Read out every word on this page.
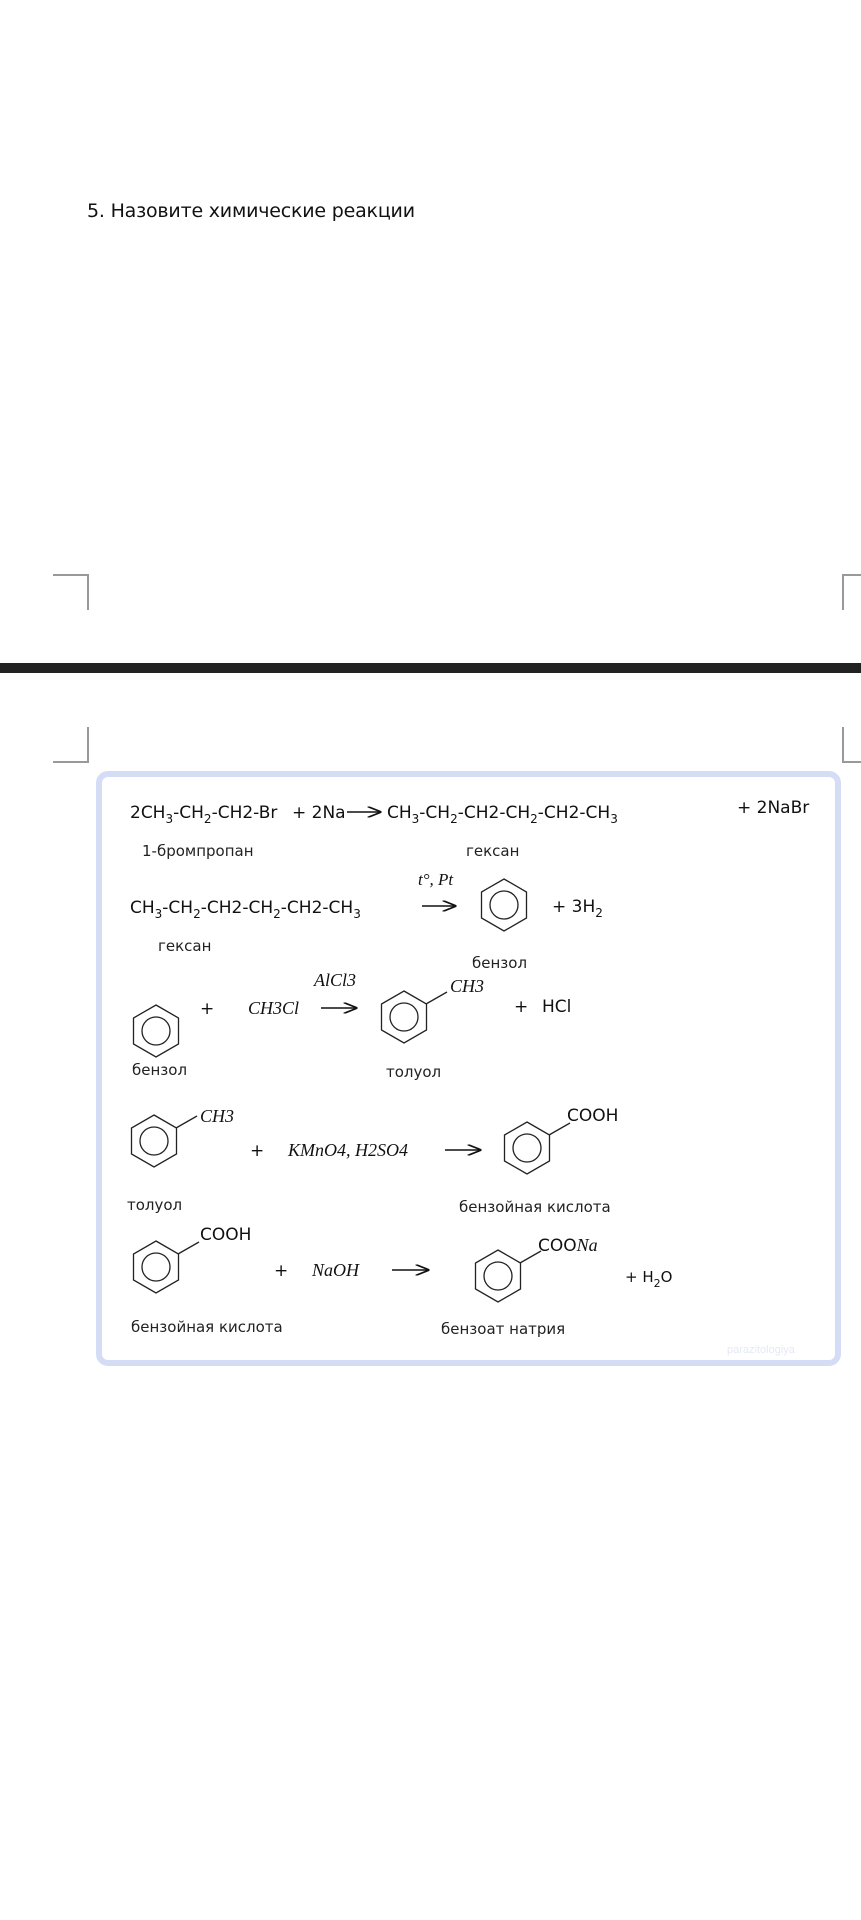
5. Назовите химические реакции
$2CH_3-CH_2-CH2-Br + 2Na$ $CH_3-CH_2-CH2-CH_2-CH2-CH_3$
+ 2NaBr
1-бромпропан	гексан
$CH_3-CH_2-CH2-CH_2-CH2-CH_3$
t°, Pt
+ $3H_2$
гексан
бензол
+ CH3Cl
AlCl3	CH3
+ HCl
бензол	толуол
CH3
+ KMnO4, H2SO4
COOH
толуол	бензойная кислота
COOH
+ NaOH
COONa
+ $H_2O$
бензойная кислота	бензоат натрия
parazitologiya
